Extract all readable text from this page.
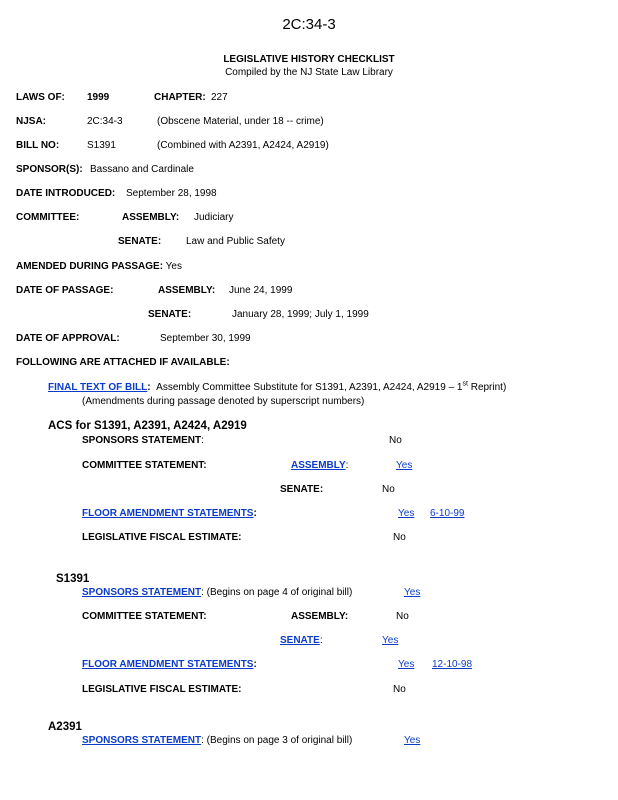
2C:34-3
LEGISLATIVE HISTORY CHECKLIST
Compiled by the NJ State Law Library
LAWS OF: 1999	CHAPTER: 227
NJSA:	2C:34-3	(Obscene Material, under 18 -- crime)
BILL NO:	S1391	(Combined with A2391, A2424, A2919)
SPONSOR(S): Bassano and Cardinale
DATE INTRODUCED: September 28, 1998
COMMITTEE:	ASSEMBLY: Judiciary
SENATE: Law and Public Safety
AMENDED DURING PASSAGE: Yes
DATE OF PASSAGE:	ASSEMBLY: June 24, 1999
SENATE:	January 28, 1999; July 1, 1999
DATE OF APPROVAL:	September 30, 1999
FOLLOWING ARE ATTACHED IF AVAILABLE:
FINAL TEXT OF BILL: Assembly Committee Substitute for S1391, A2391, A2424, A2919 – 1st Reprint)
(Amendments during passage denoted by superscript numbers)
ACS for S1391, A2391, A2424, A2919
SPONSORS STATEMENT:	No
COMMITTEE STATEMENT:	ASSEMBLY:	Yes
SENATE:	No
FLOOR AMENDMENT STATEMENTS:	Yes 6-10-99
LEGISLATIVE FISCAL ESTIMATE:	No
S1391
SPONSORS STATEMENT: (Begins on page 4 of original bill)	Yes
COMMITTEE STATEMENT:	ASSEMBLY:	No
SENATE:	Yes
FLOOR AMENDMENT STATEMENTS:	Yes 12-10-98
LEGISLATIVE FISCAL ESTIMATE:	No
A2391
SPONSORS STATEMENT: (Begins on page 3 of original bill)	Yes
